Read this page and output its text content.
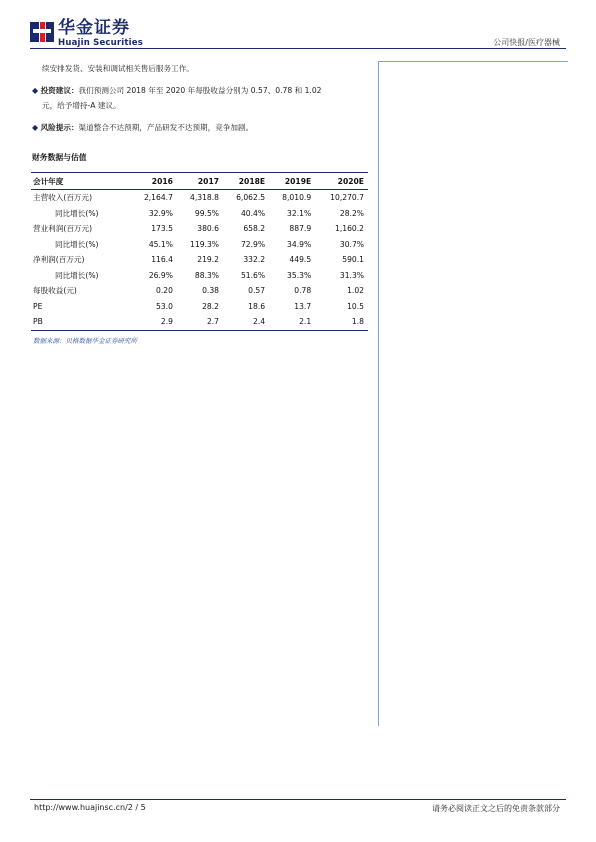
华金证券
Huajin Securities	公司快报/医疗器械

续安排发货、安装和调试相关售后服务工作。

◆ 投资建议：我们预测公司 2018 年至 2020 年每股收益分别为 0.57、0.78 和 1.02

元，给予增持-A 建议。

◆ 风险提示：渠道整合不达预期，产品研发不达预期，竞争加剧。

财务数据与估值
会计年度	2016	2017	2018E	2019E	2020E
主营收入(百万元)	2,164.7	4,318.8	6,062.5	8,010.9	10,270.7
同比增长(%)	32.9%	99.5%	40.4%	32.1%	28.2%
营业利润(百万元)	173.5	380.6	658.2	887.9	1,160.2
同比增长(%)	45.1%	119.3%	72.9%	34.9%	30.7%
净利润(百万元)	116.4	219.2	332.2	449.5	590.1
同比增长(%)	26.9%	88.3%	51.6%	35.3%	31.3%
每股收益(元)	0.20	0.38	0.57	0.78	1.02
PE	53.0	28.2	18.6	13.7	10.5
PB	2.9	2.7	2.4	2.1	1.8
数据来源：贝格数据华金证券研究所
http://www.huajinsc.cn/2 / 5	请务必阅读正文之后的免责条款部分
